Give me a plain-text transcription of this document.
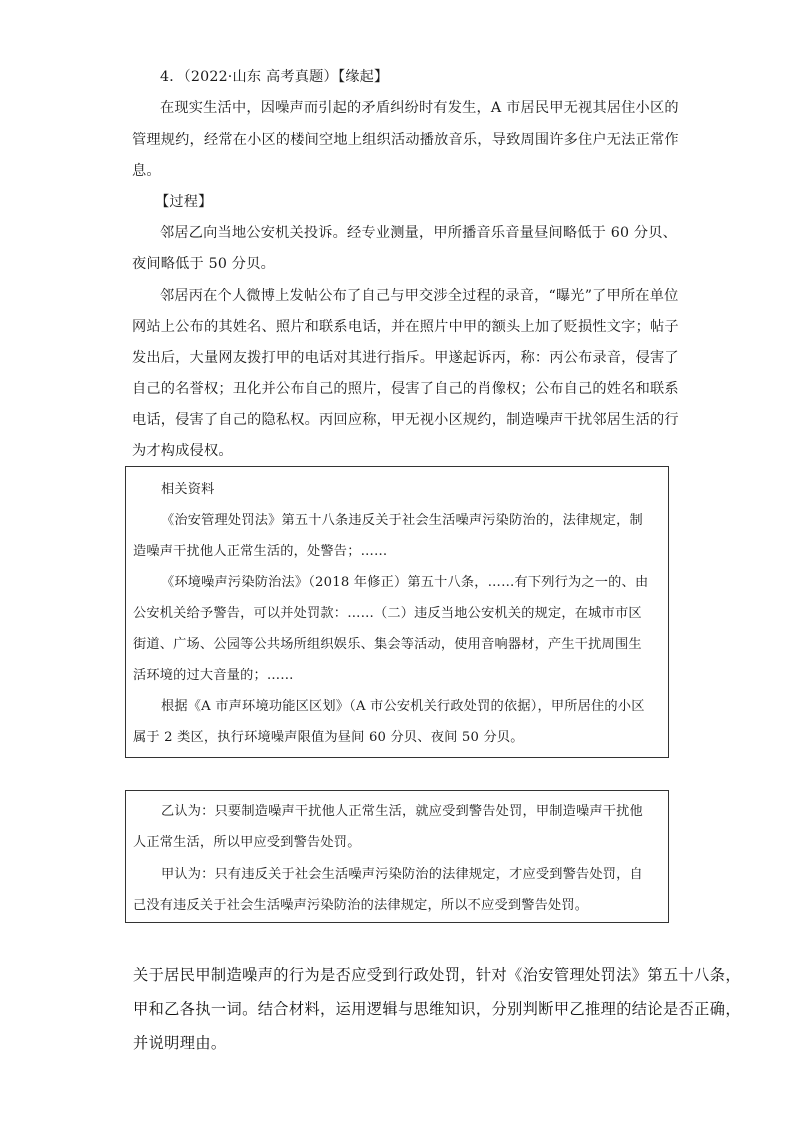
4．（2022·山东 高考真题）【缘起】
在现实生活中，因噪声而引起的矛盾纠纷时有发生，A 市居民甲无视其居住小区的
管理规约，经常在小区的楼间空地上组织活动播放音乐，导致周围许多住户无法正常作
息。
【过程】
邻居乙向当地公安机关投诉。经专业测量，甲所播音乐音量昼间略低于 60 分贝、
夜间略低于 50 分贝。
邻居丙在个人微博上发帖公布了自己与甲交涉全过程的录音，“曝光”了甲所在单位
网站上公布的其姓名、照片和联系电话，并在照片中甲的额头上加了贬损性文字；帖子
发出后，大量网友拨打甲的电话对其进行指斥。甲遂起诉丙，称：丙公布录音，侵害了
自己的名誉权；丑化并公布自己的照片，侵害了自己的肖像权；公布自己的姓名和联系
电话，侵害了自己的隐私权。丙回应称，甲无视小区规约，制造噪声干扰邻居生活的行
为才构成侵权。
相关资料
《治安管理处罚法》第五十八条违反关于社会生活噪声污染防治的，法律规定，制
造噪声干扰他人正常生活的，处警告；……
《环境噪声污染防治法》（2018 年修正）第五十八条，……有下列行为之一的、由
公安机关给予警告，可以并处罚款：……（二）违反当地公安机关的规定，在城市市区
街道、广场、公园等公共场所组织娱乐、集会等活动，使用音响器材，产生干扰周围生
活环境的过大音量的；……
根据《A 市声环境功能区区划》（A 市公安机关行政处罚的依据），甲所居住的小区
属于 2 类区，执行环境噪声限值为昼间 60 分贝、夜间 50 分贝。
乙认为：只要制造噪声干扰他人正常生活，就应受到警告处罚，甲制造噪声干扰他
人正常生活，所以甲应受到警告处罚。
甲认为：只有违反关于社会生活噪声污染防治的法律规定，才应受到警告处罚，自
己没有违反关于社会生活噪声污染防治的法律规定，所以不应受到警告处罚。
关于居民甲制造噪声的行为是否应受到行政处罚，针对《治安管理处罚法》第五十八条，
甲和乙各执一词。结合材料，运用逻辑与思维知识，分别判断甲乙推理的结论是否正确，
并说明理由。
